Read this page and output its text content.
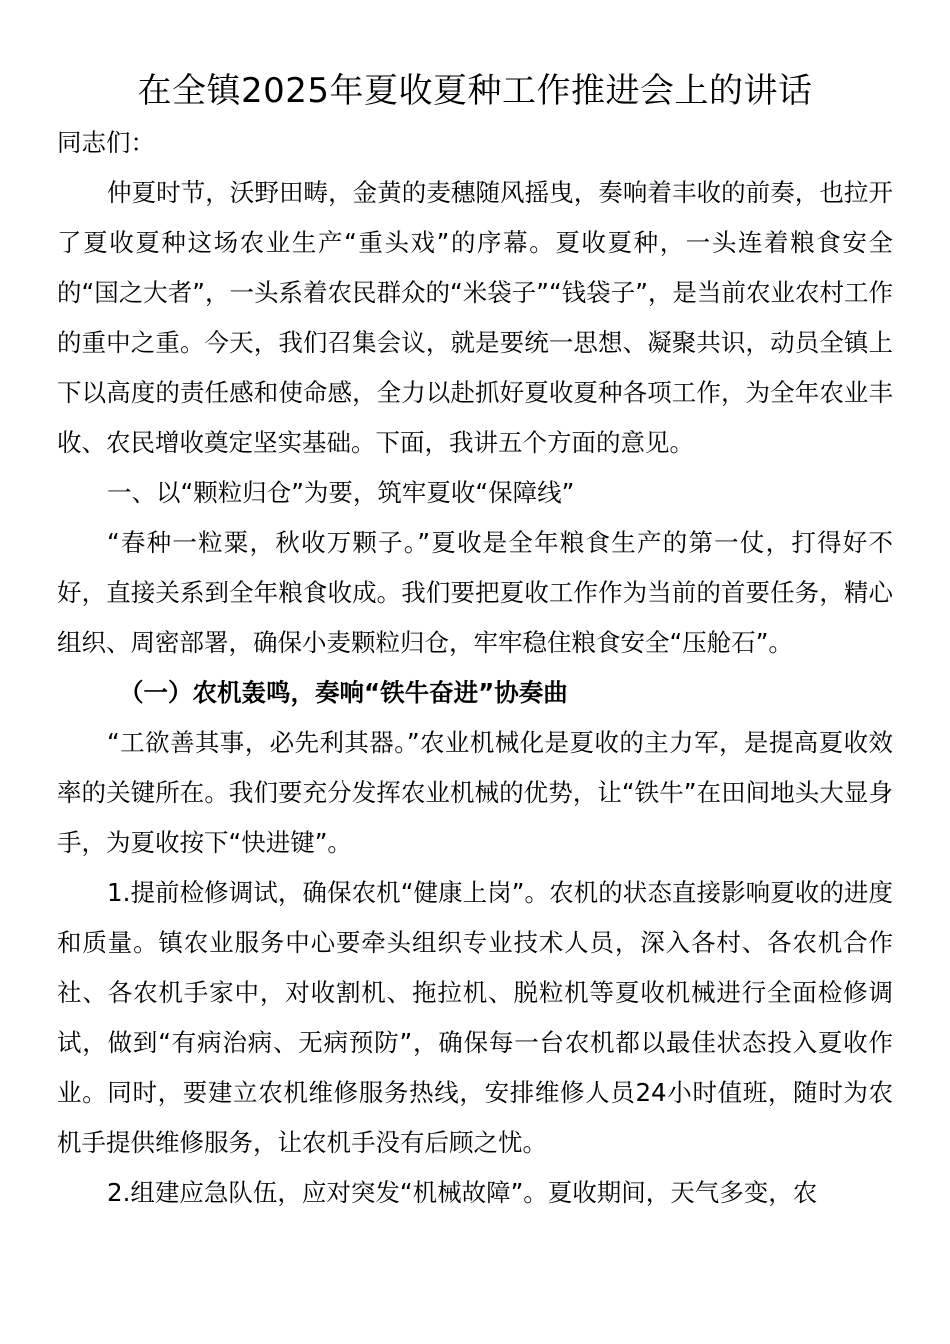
在全镇2025年夏收夏种工作推进会上的讲话

同志们：

仲夏时节，沃野田畴，金黄的麦穗随风摇曳，奏响着丰收的前奏，也拉开了夏收夏种这场农业生产“重头戏”的序幕。夏收夏种，一头连着粮食安全的“国之大者”，一头系着农民群众的“米袋子”“钱袋子”，是当前农业农村工作的重中之重。今天，我们召集会议，就是要统一思想、凝聚共识，动员全镇上下以高度的责任感和使命感，全力以赴抓好夏收夏种各项工作，为全年农业丰收、农民增收奠定坚实基础。下面，我讲五个方面的意见。

一、以“颗粒归仓”为要，筑牢夏收“保障线”

“春种一粒粟，秋收万颗子。”夏收是全年粮食生产的第一仗，打得好不好，直接关系到全年粮食收成。我们要把夏收工作作为当前的首要任务，精心组织、周密部署，确保小麦颗粒归仓，牢牢稳住粮食安全“压舱石”。

（一）农机轰鸣，奏响“铁牛奋进”协奏曲

“工欲善其事，必先利其器。”农业机械化是夏收的主力军，是提高夏收效率的关键所在。我们要充分发挥农业机械的优势，让“铁牛”在田间地头大显身手，为夏收按下“快进键”。

1.提前检修调试，确保农机“健康上岗”。农机的状态直接影响夏收的进度和质量。镇农业服务中心要牵头组织专业技术人员，深入各村、各农机合作社、各农机手家中，对收割机、拖拉机、脱粒机等夏收机械进行全面检修调试，做到“有病治病、无病预防”，确保每一台农机都以最佳状态投入夏收作业。同时，要建立农机维修服务热线，安排维修人员24小时值班，随时为农机手提供维修服务，让农机手没有后顾之忧。

2.组建应急队伍，应对突发“机械故障”。夏收期间，天气多变，农
